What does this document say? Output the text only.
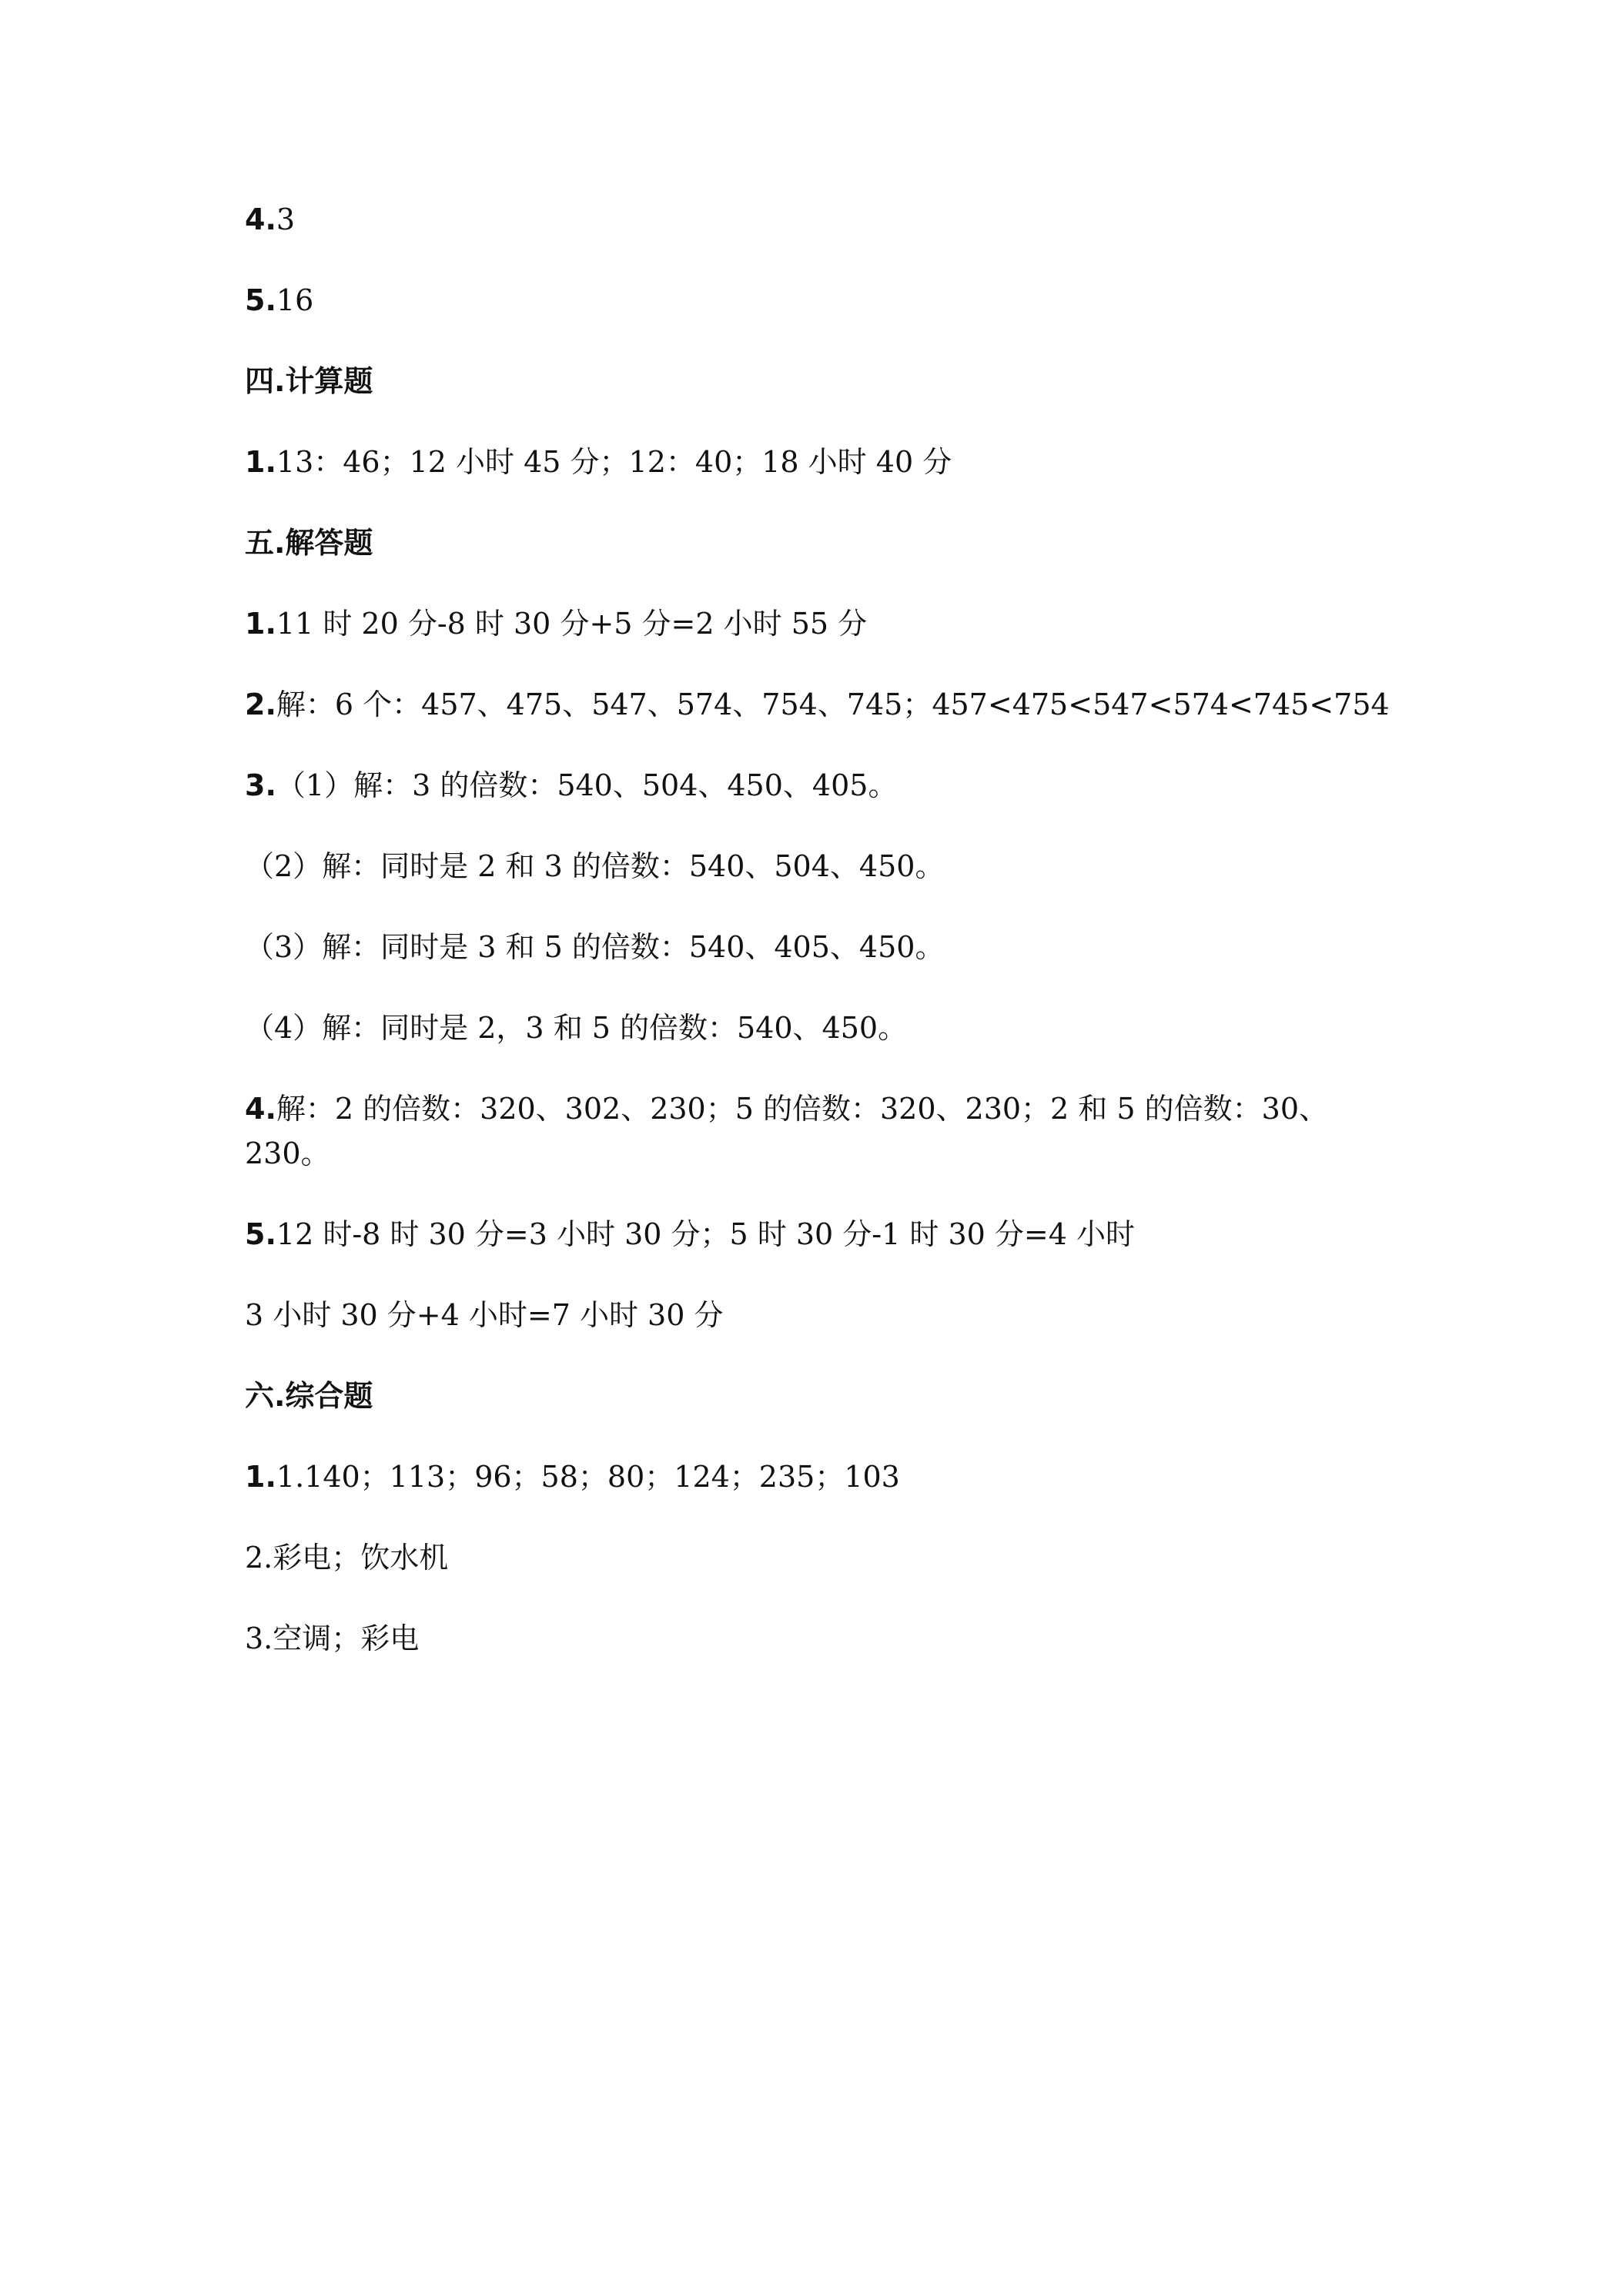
4.3
5.16
四.计算题
1.13：46；12 小时 45 分；12：40；18 小时 40 分
五.解答题
1.11 时 20 分-8 时 30 分+5 分=2 小时 55 分
2.解：6 个：457、475、547、574、754、745；457<475<547<574<745<754
3.（1）解：3 的倍数：540、504、450、405。
（2）解：同时是 2 和 3 的倍数：540、504、450。
（3）解：同时是 3 和 5 的倍数：540、405、450。
（4）解：同时是 2，3 和 5 的倍数：540、450。
4.解：2 的倍数：320、302、230；5 的倍数：320、230；2 和 5 的倍数：30、
230。
5.12 时-8 时 30 分=3 小时 30 分；5 时 30 分-1 时 30 分=4 小时
3 小时 30 分+4 小时=7 小时 30 分
六.综合题
1.1.140；113；96；58；80；124；235；103
2.彩电；饮水机
3.空调；彩电
